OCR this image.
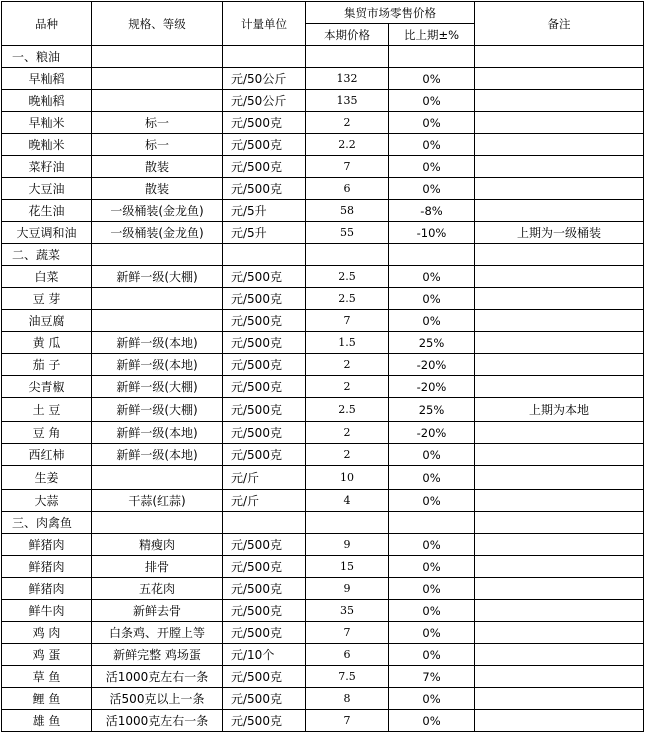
品种	规格、等级	计量单位	集贸市场零售价格		备注
			本期价格	比上期±%	
一、粮油					
早籼稻		元/50公斤	132	0%	
晚籼稻		元/50公斤	135	0%	
早籼米	标一	元/500克	2	0%	
晚籼米	标一	元/500克	2.2	0%	
菜籽油	散装	元/500克	7	0%	
大豆油	散装	元/500克	6	0%	
花生油	一级桶装(金龙鱼)	元/5升	58	-8%	
大豆调和油	一级桶装(金龙鱼)	元/5升	55	-10%	上期为一级桶装
二、蔬菜					
白菜	新鲜一级(大棚)	元/500克	2.5	0%	
豆 芽		元/500克	2.5	0%	
油豆腐		元/500克	7	0%	
黄 瓜	新鲜一级(本地)	元/500克	1.5	25%	
茄 子	新鲜一级(本地)	元/500克	2	-20%	
尖青椒	新鲜一级(大棚)	元/500克	2	-20%	
土 豆	新鲜一级(大棚)	元/500克	2.5	25%	上期为本地
豆 角	新鲜一级(本地)	元/500克	2	-20%	
西红柿	新鲜一级(本地)	元/500克	2	0%	
生姜		元/斤	10	0%	
大蒜	干蒜(红蒜)	元/斤	4	0%	
三、肉禽鱼					
鲜猪肉	精瘦肉	元/500克	9	0%	
鲜猪肉	排骨	元/500克	15	0%	
鲜猪肉	五花肉	元/500克	9	0%	
鲜牛肉	新鲜去骨	元/500克	35	0%	
鸡 肉	白条鸡、开膛上等	元/500克	7	0%	
鸡 蛋	新鲜完整 鸡场蛋	元/10个	6	0%	
草 鱼	活1000克左右一条	元/500克	7.5	7%	
鲤 鱼	活500克以上一条	元/500克	8	0%	
雄 鱼	活1000克左右一条	元/500克	7	0%	
